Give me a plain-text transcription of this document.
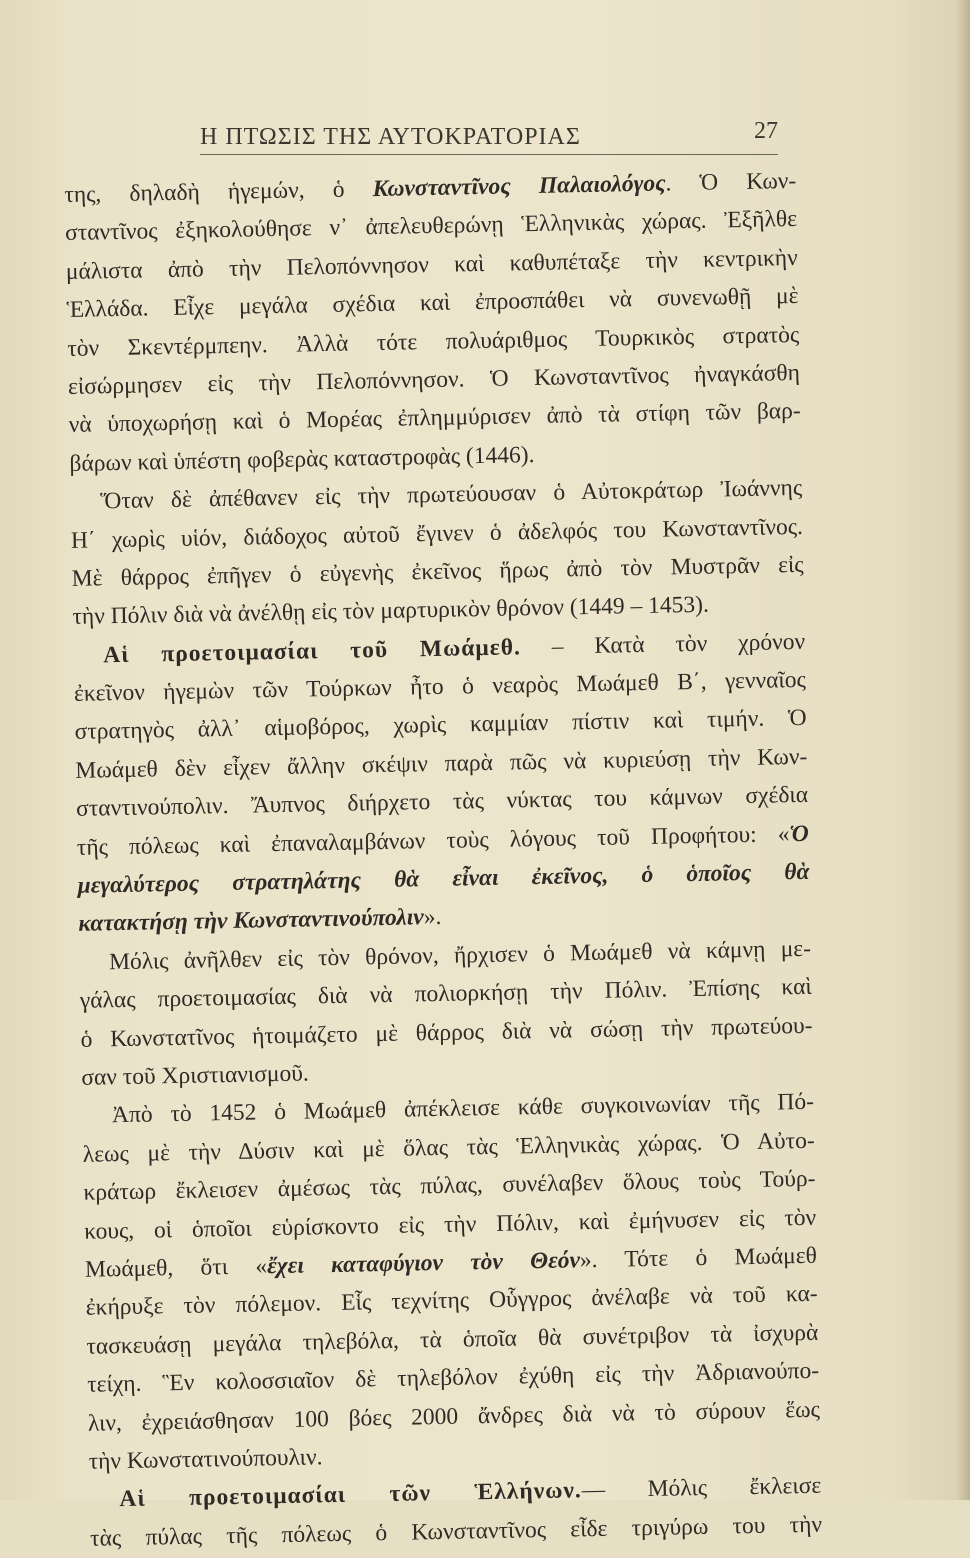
Η ΠΤΩΣΙΣ ΤΗΣ ΑΥΤΟΚΡΑΤΟΡΙΑΣ	27
της, δηλαδὴ ἡγεμών, ὁ Κωνσταντῖνος Παλαιολόγος. Ὁ Κων-
σταντῖνος ἐξηκολούθησε ν᾿ ἀπελευθερώνῃ Ἑλληνικὰς χώρας. Ἐξῆλθε
μάλιστα ἀπὸ τὴν Πελοπόννησον καὶ καθυπέταξε τὴν κεντρικὴν
Ἑλλάδα. Εἶχε μεγάλα σχέδια καὶ ἐπροσπάθει νὰ συνενωθῇ μὲ
τὸν Σκεντέρμπεην. Ἀλλὰ τότε πολυάριθμος Τουρκικὸς στρατὸς
εἰσώρμησεν εἰς τὴν Πελοπόννησον. Ὁ Κωνσταντῖνος ἠναγκάσθη
νὰ ὑποχωρήσῃ καὶ ὁ Μορέας ἐπλημμύρισεν ἀπὸ τὰ στίφη τῶν βαρ-
βάρων καὶ ὑπέστη φοβερὰς καταστροφὰς (1446).
Ὅταν δὲ ἀπέθανεν εἰς τὴν πρωτεύουσαν ὁ Αὐτοκράτωρ Ἰωάννης
Η΄ χωρὶς υἱόν, διάδοχος αὐτοῦ ἔγινεν ὁ ἀδελφός του Κωνσταντῖνος.
Μὲ θάρρος ἐπῆγεν ὁ εὐγενὴς ἐκεῖνος ἥρως ἀπὸ τὸν Μυστρᾶν εἰς
τὴν Πόλιν διὰ νὰ ἀνέλθῃ εἰς τὸν μαρτυρικὸν θρόνον (1449 – 1453).
Αἱ προετοιμασίαι τοῦ Μωάμεθ. – Κατὰ τὸν χρόνον
ἐκεῖνον ἡγεμὼν τῶν Τούρκων ἦτο ὁ νεαρὸς Μωάμεθ Β΄, γενναῖος
στρατηγὸς ἀλλ᾿ αἱμοβόρος, χωρὶς καμμίαν πίστιν καὶ τιμήν. Ὁ
Μωάμεθ δὲν εἶχεν ἄλλην σκέψιν παρὰ πῶς νὰ κυριεύσῃ τὴν Κων-
σταντινούπολιν. Ἄυπνος διήρχετο τὰς νύκτας του κάμνων σχέδια
τῆς πόλεως καὶ ἐπαναλαμβάνων τοὺς λόγους τοῦ Προφήτου: «Ὁ
μεγαλύτερος στρατηλάτης θὰ εἶναι ἐκεῖνος, ὁ ὁποῖος θὰ
κατακτήσῃ τὴν Κωνσταντινούπολιν».
Μόλις ἀνῆλθεν εἰς τὸν θρόνον, ἤρχισεν ὁ Μωάμεθ νὰ κάμνῃ με-
γάλας προετοιμασίας διὰ νὰ πολιορκήσῃ τὴν Πόλιν. Ἐπίσης καὶ
ὁ Κωνστατῖνος ἡτοιμάζετο μὲ θάρρος διὰ νὰ σώσῃ τὴν πρωτεύου-
σαν τοῦ Χριστιανισμοῦ.
Ἀπὸ τὸ 1452 ὁ Μωάμεθ ἀπέκλεισε κάθε συγκοινωνίαν τῆς Πό-
λεως μὲ τὴν Δύσιν καὶ μὲ ὅλας τὰς Ἑλληνικὰς χώρας. Ὁ Αὐτο-
κράτωρ ἔκλεισεν ἀμέσως τὰς πύλας, συνέλαβεν ὅλους τοὺς Τούρ-
κους, οἱ ὁποῖοι εὑρίσκοντο εἰς τὴν Πόλιν, καὶ ἐμήνυσεν εἰς τὸν
Μωάμεθ, ὅτι «ἔχει καταφύγιον τὸν Θεόν». Τότε ὁ Μωάμεθ
ἐκήρυξε τὸν πόλεμον. Εἷς τεχνίτης Οὗγγρος ἀνέλαβε νὰ τοῦ κα-
τασκευάσῃ μεγάλα τηλεβόλα, τὰ ὁποῖα θὰ συνέτριβον τὰ ἰσχυρὰ
τείχη. Ἓν κολοσσιαῖον δὲ τηλεβόλον ἐχύθη εἰς τὴν Ἀδριανούπο-
λιν, ἐχρειάσθησαν 100 βόες 2000 ἄνδρες διὰ νὰ τὸ σύρουν ἕως
τὴν Κωνστατινούπουλιν.
Αἱ προετοιμασίαι τῶν Ἑλλήνων.— Μόλις ἔκλεισε
τὰς πύλας τῆς πόλεως ὁ Κωνσταντῖνος εἶδε τριγύρω του τὴν
